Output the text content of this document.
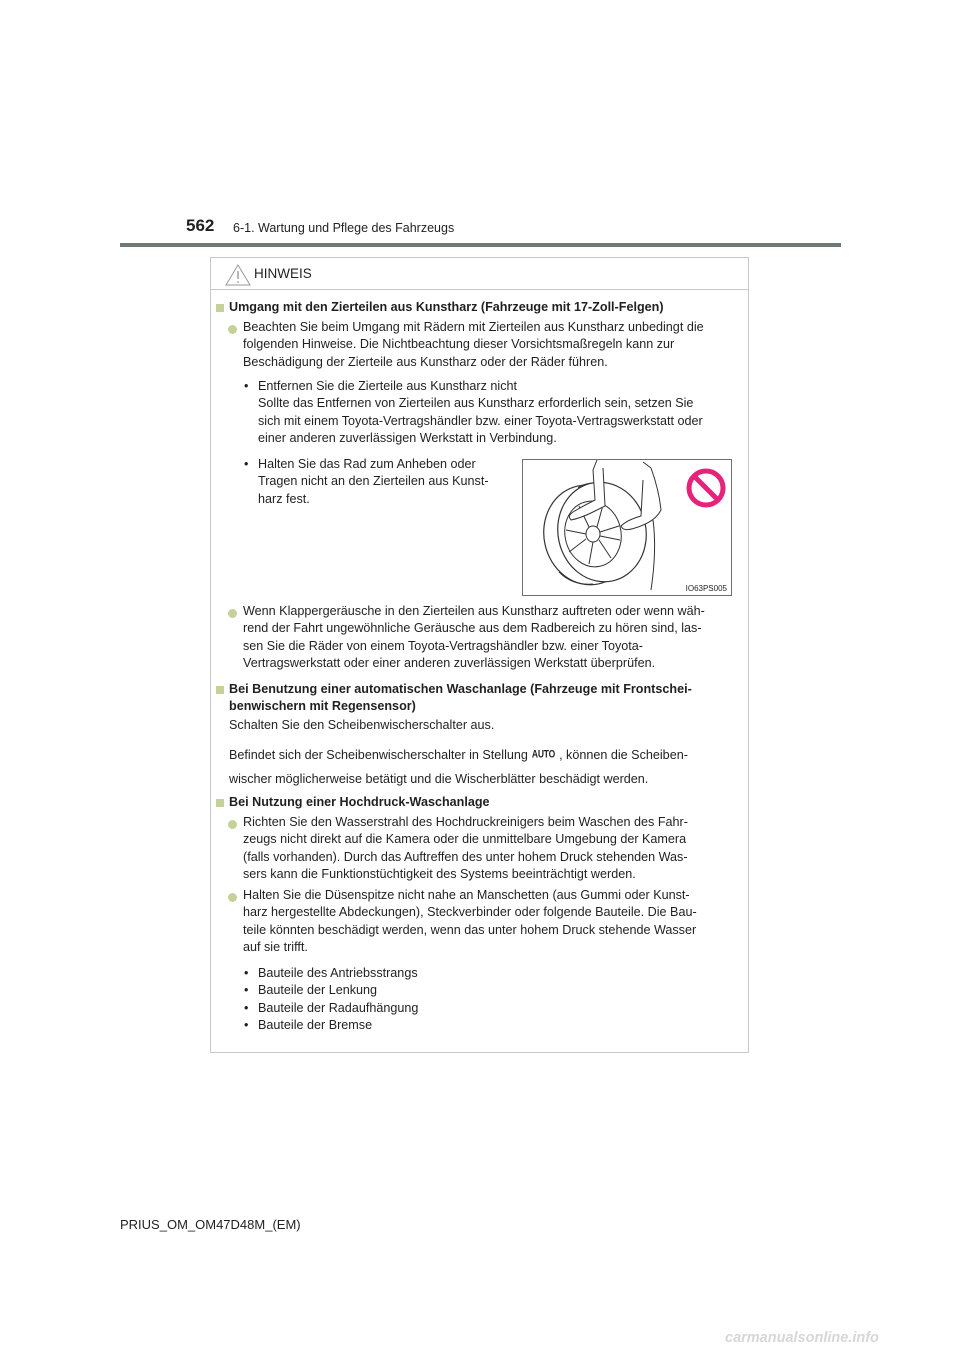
562 6-1. Wartung und Pflege des Fahrzeugs
HINWEIS
Umgang mit den Zierteilen aus Kunstharz (Fahrzeuge mit 17-Zoll-Felgen)
Beachten Sie beim Umgang mit Rädern mit Zierteilen aus Kunstharz unbedingt die
folgenden Hinweise. Die Nichtbeachtung dieser Vorsichtsmaßregeln kann zur
Beschädigung der Zierteile aus Kunstharz oder der Räder führen.
• Entfernen Sie die Zierteile aus Kunstharz nicht
Sollte das Entfernen von Zierteilen aus Kunstharz erforderlich sein, setzen Sie
sich mit einem Toyota-Vertragshändler bzw. einer Toyota-Vertragswerkstatt oder
einer anderen zuverlässigen Werkstatt in Verbindung.
• Halten Sie das Rad zum Anheben oder
Tragen nicht an den Zierteilen aus Kunst-
harz fest.
IO63PS005
Wenn Klappergeräusche in den Zierteilen aus Kunstharz auftreten oder wenn wäh-
rend der Fahrt ungewöhnliche Geräusche aus dem Radbereich zu hören sind, las-
sen Sie die Räder von einem Toyota-Vertragshändler bzw. einer Toyota-
Vertragswerkstatt oder einer anderen zuverlässigen Werkstatt überprüfen.
Bei Benutzung einer automatischen Waschanlage (Fahrzeuge mit Frontschei-
benwischern mit Regensensor)
Schalten Sie den Scheibenwischerschalter aus.
Befindet sich der Scheibenwischerschalter in Stellung AUTO , können die Scheiben-
wischer möglicherweise betätigt und die Wischerblätter beschädigt werden.
Bei Nutzung einer Hochdruck-Waschanlage
Richten Sie den Wasserstrahl des Hochdruckreinigers beim Waschen des Fahr-
zeugs nicht direkt auf die Kamera oder die unmittelbare Umgebung der Kamera
(falls vorhanden). Durch das Auftreffen des unter hohem Druck stehenden Was-
sers kann die Funktionstüchtigkeit des Systems beeinträchtigt werden.
Halten Sie die Düsenspitze nicht nahe an Manschetten (aus Gummi oder Kunst-
harz hergestellte Abdeckungen), Steckverbinder oder folgende Bauteile. Die Bau-
teile könnten beschädigt werden, wenn das unter hohem Druck stehende Wasser
auf sie trifft.
• Bauteile des Antriebsstrangs
• Bauteile der Lenkung
• Bauteile der Radaufhängung
• Bauteile der Bremse
PRIUS_OM_OM47D48M_(EM)
carmanualsonline.info
